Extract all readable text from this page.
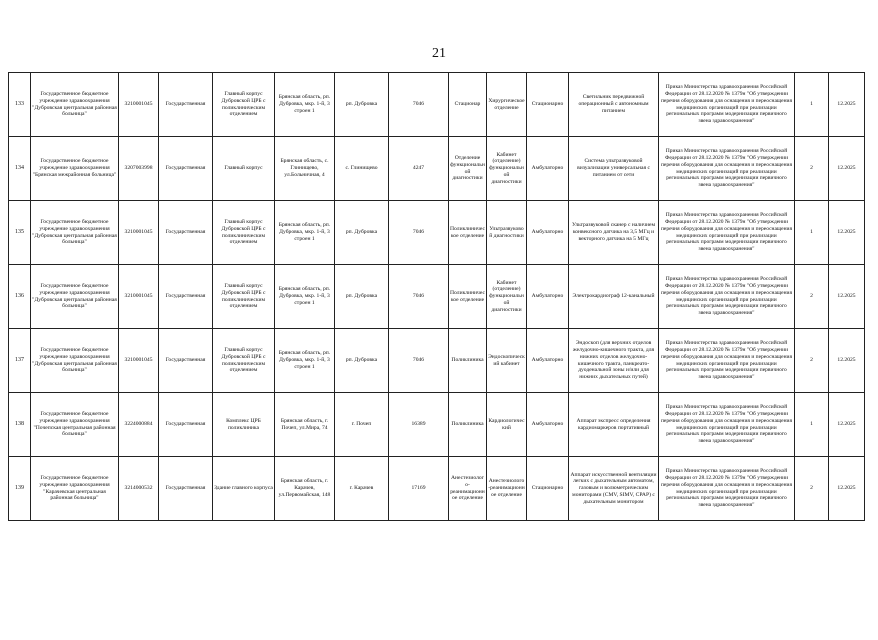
21
133	Государственное бюджетное учреждение здравоохранения "Дубровская центральная районная больница"	3210001045	Государственная	Главный корпус Дубровской ЦРБ с поликлиническим отделением	Брянская область, рп. Дубровка, мкр. 1-й, 3 строен 1	рп. Дубровка	7046	Стационар	Хирургическое отделение	Стационарно	Светильник передвижной операционный с автономным питанием	Приказ Министерства здравоохранения Российской Федерации от 28.12.2020 № 1379н "Об утверждении перечня оборудования для оснащения и переоснащения медицинских организаций при реализации региональных программ модернизации первичного звена здравоохранения"	1	12.2025
134	Государственное бюджетное учреждение здравоохранения "Брянская межрайонная больница"	3207003998	Государственная	Главный корпус	Брянская область, с. Глинищево, ул.Больничная, 4	с. Глинищево	4247	Отделение функциональной диагностики	Кабинет (отделение) функциональной диагностики	Амбулаторно	Система ультразвуковой визуализации универсальная с питанием от сети	Приказ Министерства здравоохранения Российской Федерации от 28.12.2020 № 1379н "Об утверждении перечня оборудования для оснащения и переоснащения медицинских организаций при реализации региональных программ модернизации первичного звена здравоохранения"	2	12.2025
135	Государственное бюджетное учреждение здравоохранения "Дубровская центральная районная больница"	3210001045	Государственная	Главный корпус Дубровской ЦРБ с поликлиническим отделением	Брянская область, рп. Дубровка, мкр. 1-й, 3 строен 1	рп. Дубровка	7046	Поликлиническое отделение	Ультразвуковой диагностики	Амбулаторно	Ультразвуковой сканер с наличием конвексного датчика на 3,5 МГц и векторного датчика на 5 МГц	Приказ Министерства здравоохранения Российской Федерации от 28.12.2020 № 1379н "Об утверждении перечня оборудования для оснащения и переоснащения медицинских организаций при реализации региональных программ модернизации первичного звена здравоохранения"	1	12.2025
136	Государственное бюджетное учреждение здравоохранения "Дубровская центральная районная больница"	3210001045	Государственная	Главный корпус Дубровской ЦРБ с поликлиническим отделением	Брянская область, рп. Дубровка, мкр. 1-й, 3 строен 1	рп. Дубровка	7046	Поликлиническое отделение	Кабинет (отделение) функциональной диагностики	Амбулаторно	Электрокардиограф 12-канальный	Приказ Министерства здравоохранения Российской Федерации от 28.12.2020 № 1379н "Об утверждении перечня оборудования для оснащения и переоснащения медицинских организаций при реализации региональных программ модернизации первичного звена здравоохранения"	2	12.2025
137	Государственное бюджетное учреждение здравоохранения "Дубровская центральная районная больница"	3210001045	Государственная	Главный корпус Дубровской ЦРБ с поликлиническим отделением	Брянская область, рп. Дубровка, мкр. 1-й, 3 строен 1	рп. Дубровка	7046	Поликлиника	Эндоскопический кабинет	Амбулаторно	Эндоскоп (для верхних отделов желудочно-кишечного тракта, для нижних отделов желудочно-кишечного тракта, панкреато-дуоденальной зоны и/или для нижних дыхательных путей)	Приказ Министерства здравоохранения Российской Федерации от 28.12.2020 № 1379н "Об утверждении перечня оборудования для оснащения и переоснащения медицинских организаций при реализации региональных программ модернизации первичного звена здравоохранения"	2	12.2025
138	Государственное бюджетное учреждение здравоохранения "Почепская центральная районная больница"	3224000884	Государственная	Комплекс ЦРБ поликлиника	Брянская область, г. Почеп, ул.Мира, 74	г. Почеп	16389	Поликлиника	Кардиологический	Амбулаторно	Аппарат экспресс определения кардиомаркеров портативный	Приказ Министерства здравоохранения Российской Федерации от 28.12.2020 № 1379н "Об утверждении перечня оборудования для оснащения и переоснащения медицинских организаций при реализации региональных программ модернизации первичного звена здравоохранения"	1	12.2025
139	Государственное бюджетное учреждение здравоохранения "Карачевская центральная районная больница"	3214000532	Государственная	Здание главного корпуса	Брянская область, г. Карачев, ул.Первомайская, 148	г. Карачев	17169	Анестезиолого-реанимационное отделение	Анестезиолого-реанимационное отделение	Стационарно	Аппарат искусственной вентиляции легких с дыхательным автоматом, газовым и волюметрическим мониторами (CMV, SIMV, CPAP) с дыхательным монитором	Приказ Министерства здравоохранения Российской Федерации от 28.12.2020 № 1379н "Об утверждении перечня оборудования для оснащения и переоснащения медицинских организаций при реализации региональных программ модернизации первичного звена здравоохранения"	2	12.2025
